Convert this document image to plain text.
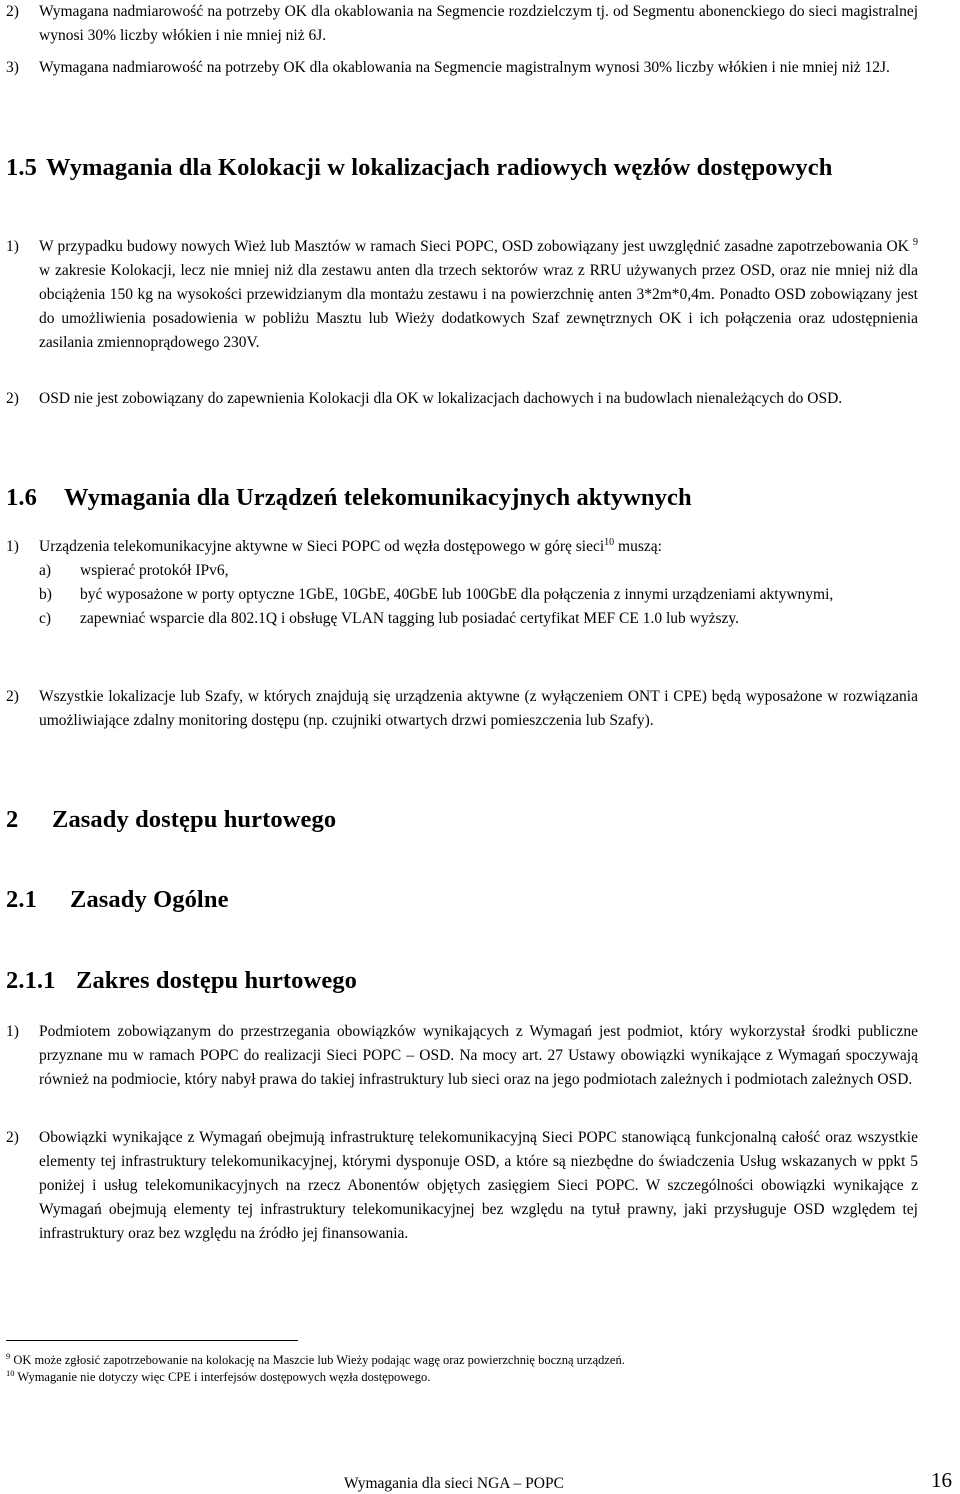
2) Wymagana nadmiarowość na potrzeby OK dla okablowania na Segmencie rozdzielczym tj. od Segmentu abonenckiego do sieci magistralnej wynosi 30% liczby włókien i nie mniej niż 6J.
3) Wymagana nadmiarowość na potrzeby OK dla okablowania na Segmencie magistralnym wynosi 30% liczby włókien i nie mniej niż 12J.
1.5 Wymagania dla Kolokacji w lokalizacjach radiowych węzłów dostępowych
1) W przypadku budowy nowych Wież lub Masztów w ramach Sieci POPC, OSD zobowiązany jest uwzględnić zasadne zapotrzebowania OK $^9$ w zakresie Kolokacji, lecz nie mniej niż dla zestawu anten dla trzech sektorów wraz z RRU używanych przez OSD, oraz nie mniej niż dla obciążenia 150 kg na wysokości przewidzianym dla montażu zestawu i na powierzchnię anten 3*2m*0,4m. Ponadto OSD zobowiązany jest do umożliwienia posadowienia w pobliżu Masztu lub Wieży dodatkowych Szaf zewnętrznych OK i ich połączenia oraz udostępnienia zasilania zmiennoprądowego 230V.
2) OSD nie jest zobowiązany do zapewnienia Kolokacji dla OK w lokalizacjach dachowych i na budowlach nienależących do OSD.
1.6 Wymagania dla Urządzeń telekomunikacyjnych aktywnych
1) Urządzenia telekomunikacyjne aktywne w Sieci POPC od węzła dostępowego w górę sieci$^{10}$ muszą:
a) wspierać protokół IPv6,
b) być wyposażone w porty optyczne 1GbE, 10GbE, 40GbE lub 100GbE dla połączenia z innymi urządzeniami aktywnymi,
c) zapewniać wsparcie dla 802.1Q i obsługę VLAN tagging lub posiadać certyfikat MEF CE 1.0 lub wyższy.
2) Wszystkie lokalizacje lub Szafy, w których znajdują się urządzenia aktywne (z wyłączeniem ONT i CPE) będą wyposażone w rozwiązania umożliwiające zdalny monitoring dostępu (np. czujniki otwartych drzwi pomieszczenia lub Szafy).
2 Zasady dostępu hurtowego
2.1 Zasady Ogólne
2.1.1 Zakres dostępu hurtowego
1) Podmiotem zobowiązanym do przestrzegania obowiązków wynikających z Wymagań jest podmiot, który wykorzystał środki publiczne przyznane mu w ramach POPC do realizacji Sieci POPC – OSD. Na mocy art. 27 Ustawy obowiązki wynikające z Wymagań spoczywają również na podmiocie, który nabył prawa do takiej infrastruktury lub sieci oraz na jego podmiotach zależnych i podmiotach zależnych OSD.
2) Obowiązki wynikające z Wymagań obejmują infrastrukturę telekomunikacyjną Sieci POPC stanowiącą funkcjonalną całość oraz wszystkie elementy tej infrastruktury telekomunikacyjnej, którymi dysponuje OSD, a które są niezbędne do świadczenia Usług wskazanych w ppkt 5 poniżej i usług telekomunikacyjnych na rzecz Abonentów objętych zasięgiem Sieci POPC. W szczególności obowiązki wynikające z Wymagań obejmują elementy tej infrastruktury telekomunikacyjnej bez względu na tytuł prawny, jaki przysługuje OSD względem tej infrastruktury oraz bez względu na źródło jej finansowania.
$^9$ OK może zgłosić zapotrzebowanie na kolokację na Maszcie lub Wieży podając wagę oraz powierzchnię boczną urządzeń.
$^{10}$ Wymaganie nie dotyczy więc CPE i interfejsów dostępowych węzła dostępowego.
Wymagania dla sieci NGA – POPC	16
